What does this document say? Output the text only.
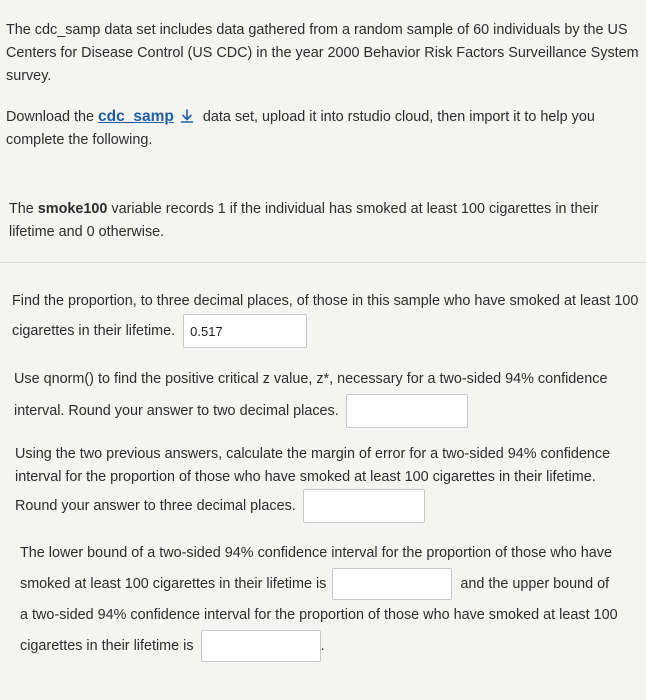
The cdc_samp data set includes data gathered from a random sample of 60 individuals by the US Centers for Disease Control (US CDC) in the year 2000 Behavior Risk Factors Surveillance System survey.

Download the cdc_samp data set, upload it into rstudio cloud, then import it to help you complete the following.

The smoke100 variable records 1 if the individual has smoked at least 100 cigarettes in their lifetime and 0 otherwise.

Find the proportion, to three decimal places, of those in this sample who have smoked at least 100 cigarettes in their lifetime. 0.517

Use qnorm() to find the positive critical z value, z*, necessary for a two-sided 94% confidence interval. Round your answer to two decimal places.

Using the two previous answers, calculate the margin of error for a two-sided 94% confidence interval for the proportion of those who have smoked at least 100 cigarettes in their lifetime. Round your answer to three decimal places.

The lower bound of a two-sided 94% confidence interval for the proportion of those who have smoked at least 100 cigarettes in their lifetime is	and the upper bound of a two-sided 94% confidence interval for the proportion of those who have smoked at least 100 cigarettes in their lifetime is	.
